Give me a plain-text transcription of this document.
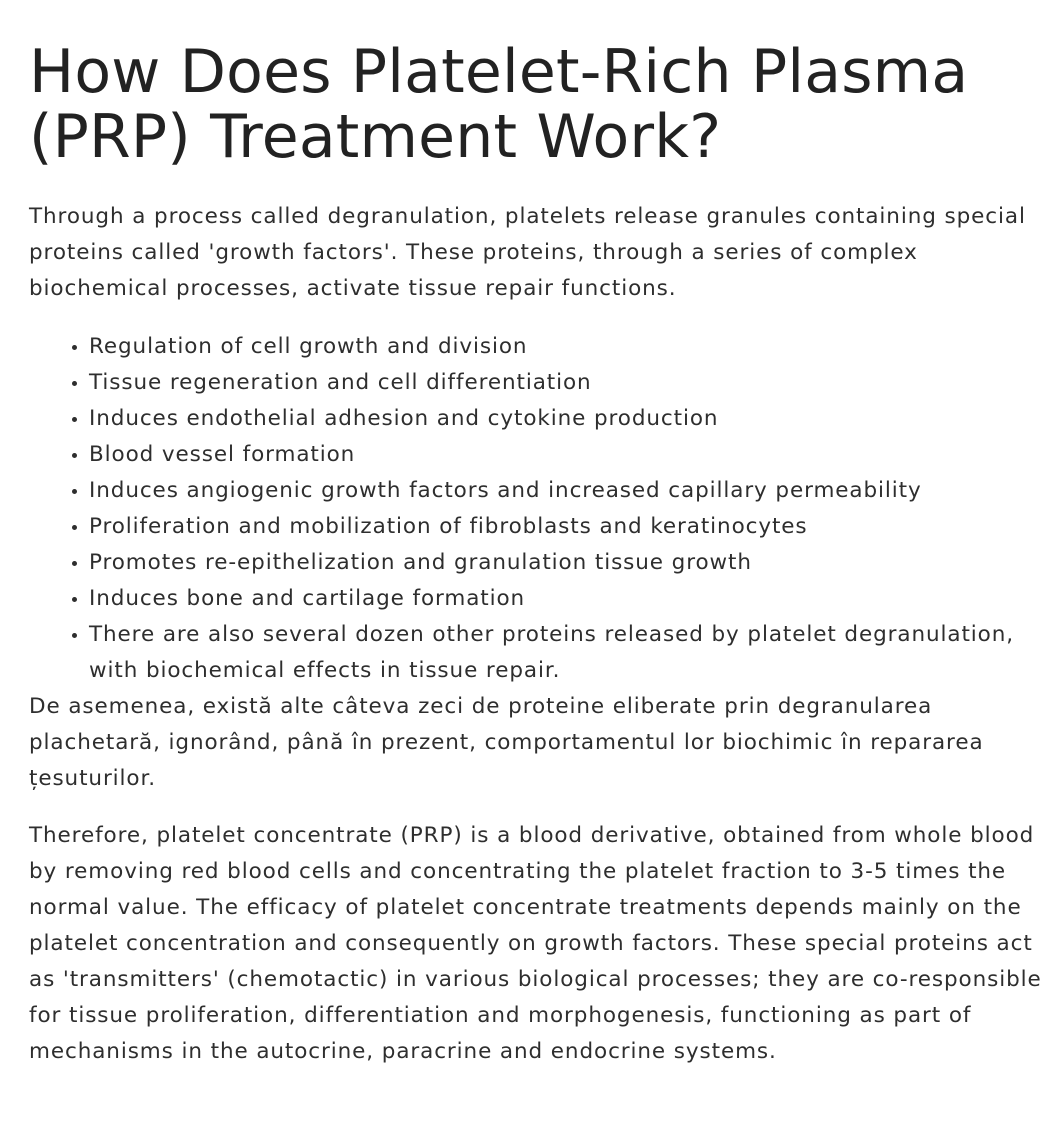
How Does Platelet-Rich Plasma (PRP) Treatment Work?

Through a process called degranulation, platelets release granules containing special proteins called 'growth factors'. These proteins, through a series of complex biochemical processes, activate tissue repair functions.

• Regulation of cell growth and division
• Tissue regeneration and cell differentiation
• Induces endothelial adhesion and cytokine production
• Blood vessel formation
• Induces angiogenic growth factors and increased capillary permeability
• Proliferation and mobilization of fibroblasts and keratinocytes
• Promotes re-epithelization and granulation tissue growth
• Induces bone and cartilage formation
• There are also several dozen other proteins released by platelet degranulation, with biochemical effects in tissue repair.

De asemenea, există alte câteva zeci de proteine eliberate prin degranularea plachetară, ignorând, până în prezent, comportamentul lor biochimic în repararea țesuturilor.

Therefore, platelet concentrate (PRP) is a blood derivative, obtained from whole blood by removing red blood cells and concentrating the platelet fraction to 3-5 times the normal value. The efficacy of platelet concentrate treatments depends mainly on the platelet concentration and consequently on growth factors. These special proteins act as 'transmitters' (chemotactic) in various biological processes; they are co-responsible for tissue proliferation, differentiation and morphogenesis, functioning as part of mechanisms in the autocrine, paracrine and endocrine systems.
